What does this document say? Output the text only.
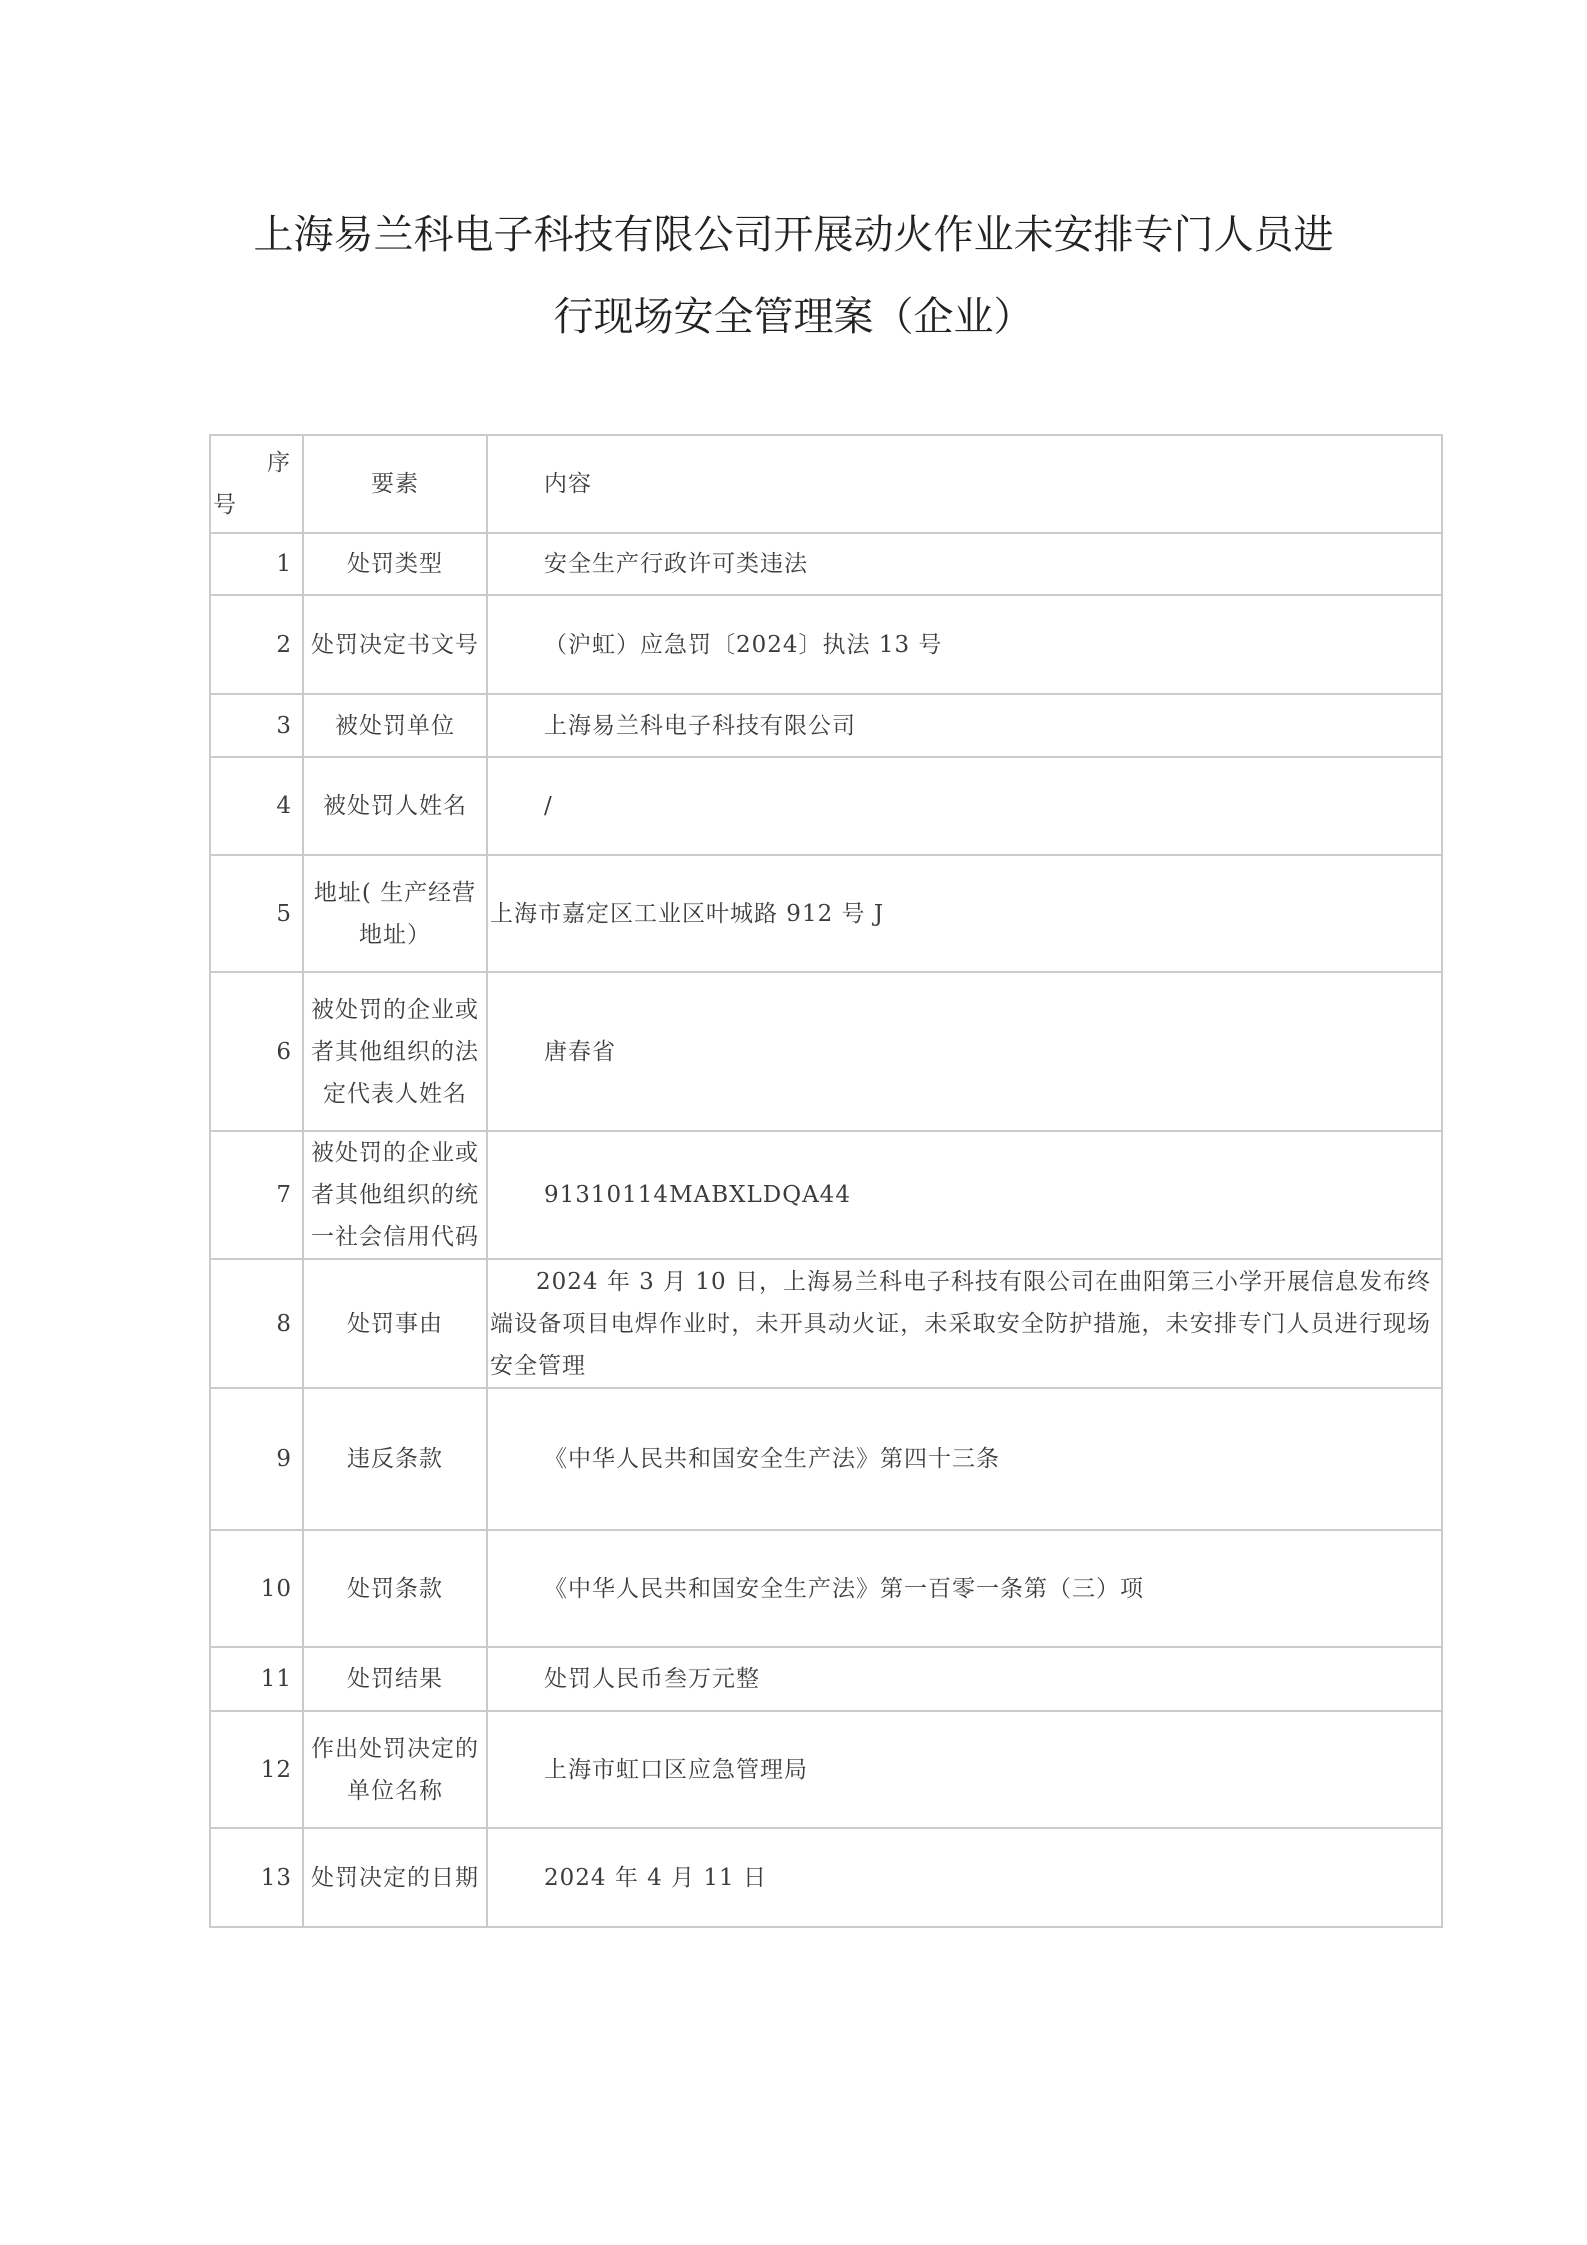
上海易兰科电子科技有限公司开展动火作业未安排专门人员进行现场安全管理案（企业）
序号	要素	内容
1	处罚类型	安全生产行政许可类违法
2	处罚决定书文号	（沪虹）应急罚〔2024〕执法 13 号
3	被处罚单位	上海易兰科电子科技有限公司
4	被处罚人姓名	/
5	地址( 生产经营地址）	上海市嘉定区工业区叶城路 912 号 J
6	被处罚的企业或者其他组织的法定代表人姓名	唐春省
7	被处罚的企业或者其他组织的统一社会信用代码	91310114MABXLDQA44
8	处罚事由	2024 年 3 月 10 日，上海易兰科电子科技有限公司在曲阳第三小学开展信息发布终端设备项目电焊作业时，未开具动火证，未采取安全防护措施，未安排专门人员进行现场安全管理
9	违反条款	《中华人民共和国安全生产法》第四十三条
10	处罚条款	《中华人民共和国安全生产法》第一百零一条第（三）项
11	处罚结果	处罚人民币叁万元整
12	作出处罚决定的单位名称	上海市虹口区应急管理局
13	处罚决定的日期	2024 年 4 月 11 日
